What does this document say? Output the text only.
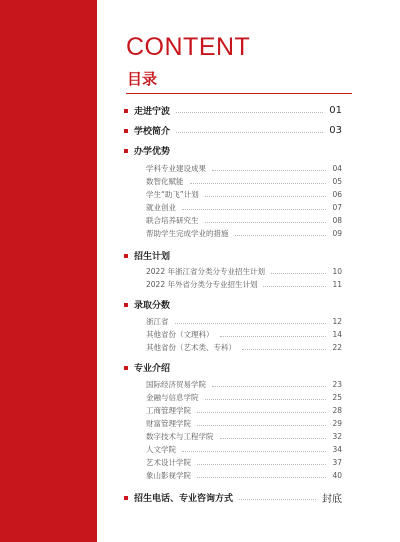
CONTENT
目录
走进宁波	01
学校简介	03
办学优势
学科专业建设成果	04
数智化赋能	05
学生“助飞”计划	06
就业创业	07
联合培养研究生	08
帮助学生完成学业的措施	09
招生计划
2022 年浙江省分类分专业招生计划	10
2022 年外省分类分专业招生计划	11
录取分数
浙江省	12
其他省份（文理科）	14
其他省份（艺术类、专科）	22
专业介绍
国际经济贸易学院	23
金融与信息学院	25
工商管理学院	28
财富管理学院	29
数字技术与工程学院	32
人文学院	34
艺术设计学院	37
象山影视学院	40
招生电话、专业咨询方式	封底
